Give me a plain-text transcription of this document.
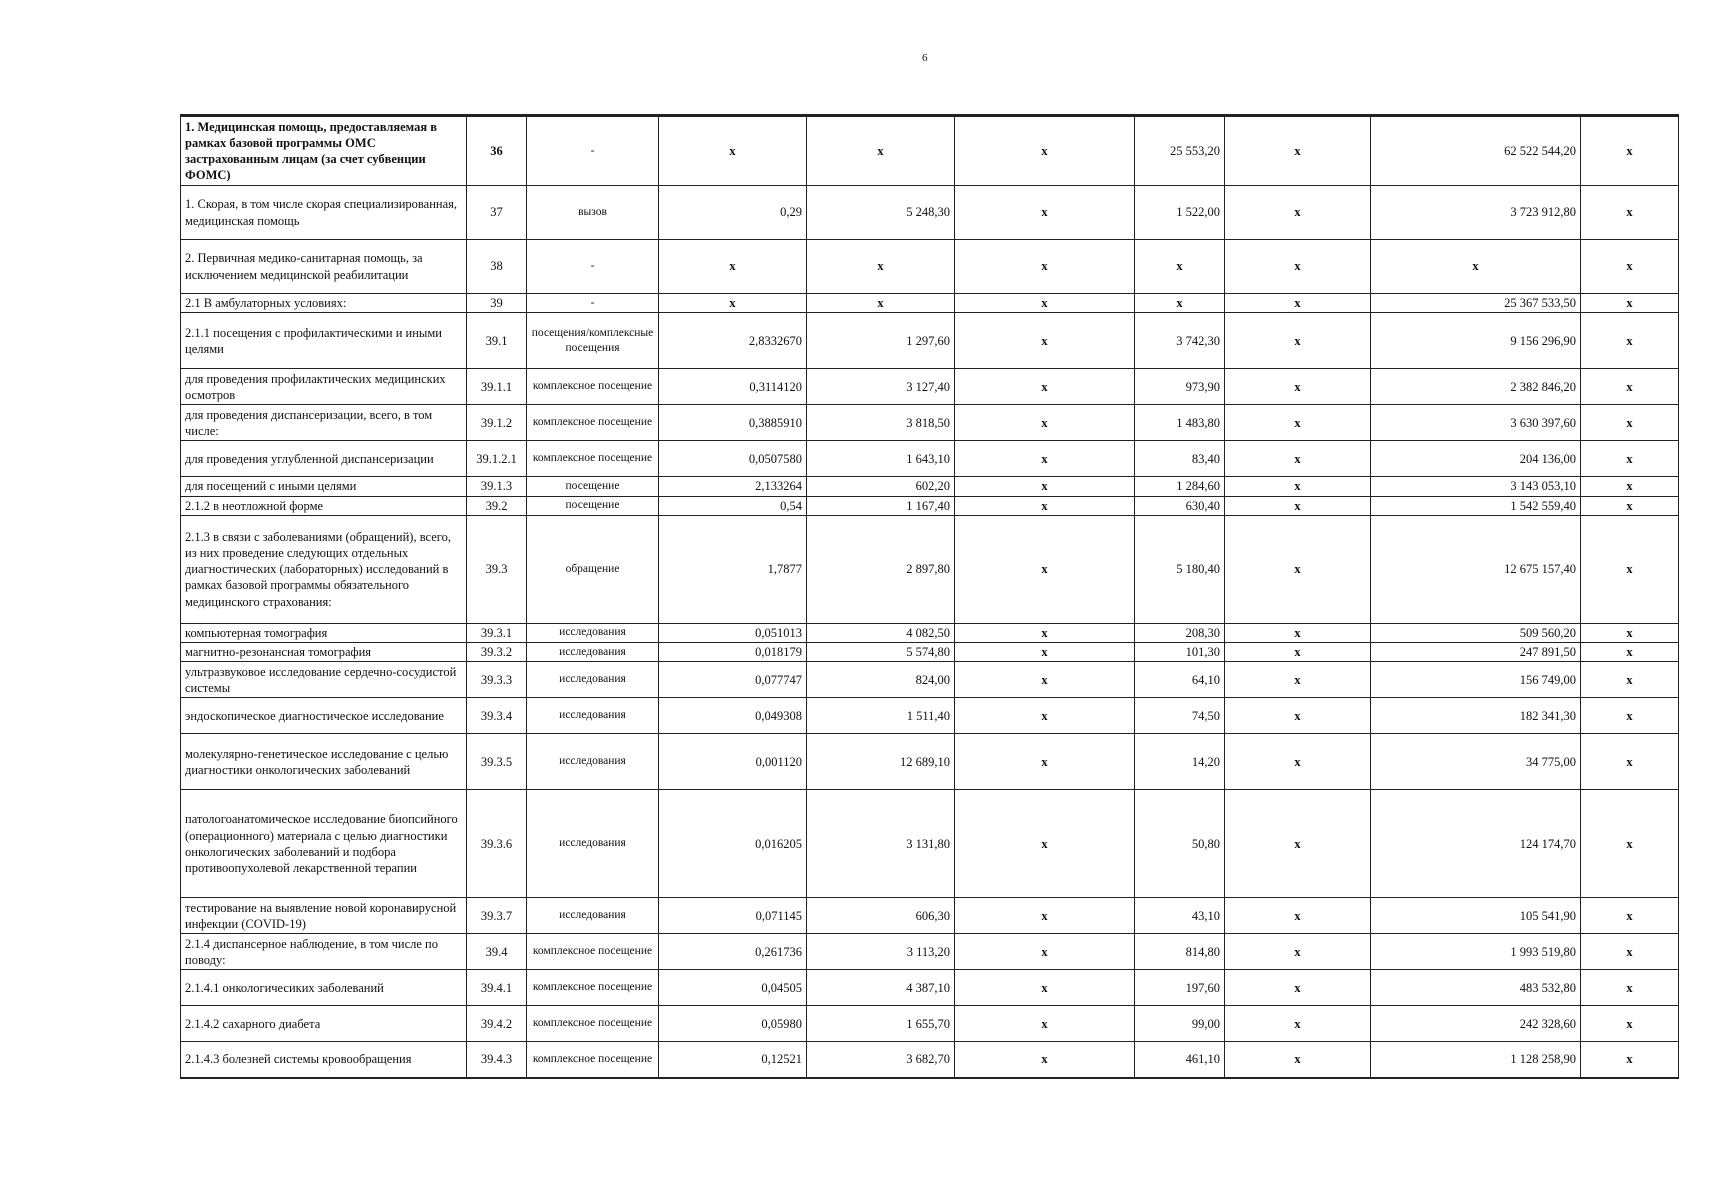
6
1. Медицинская помощь, предоставляемая в рамках базовой программы ОМС застрахованным лицам (за счет субвенции ФОМС)	36	-	x	x	x	25 553,20	x	62 522 544,20	x
1. Скорая, в том числе скорая специализированная, медицинская помощь	37	вызов	0,29	5 248,30	x	1 522,00	x	3 723 912,80	x
2. Первичная медико-санитарная помощь, за исключением медицинской реабилитации	38	-	x	x	x	x	x	x	x
2.1 В амбулаторных условиях:	39	-	x	x	x	x	x	25 367 533,50	x
2.1.1 посещения с профилактическими и иными целями	39.1	посещения/комплексные посещения	2,8332670	1 297,60	x	3 742,30	x	9 156 296,90	x
для проведения профилактических медицинских осмотров	39.1.1	комплексное посещение	0,3114120	3 127,40	x	973,90	x	2 382 846,20	x
для проведения диспансеризации, всего, в том числе:	39.1.2	комплексное посещение	0,3885910	3 818,50	x	1 483,80	x	3 630 397,60	x
для проведения углубленной диспансеризации	39.1.2.1	комплексное посещение	0,0507580	1 643,10	x	83,40	x	204 136,00	x
для посещений с иными целями	39.1.3	посещение	2,133264	602,20	x	1 284,60	x	3 143 053,10	x
2.1.2 в неотложной форме	39.2	посещение	0,54	1 167,40	x	630,40	x	1 542 559,40	x
2.1.3 в связи с заболеваниями (обращений), всего, из них проведение следующих отдельных диагностических (лабораторных) исследований в рамках базовой программы обязательного медицинского страхования:	39.3	обращение	1,7877	2 897,80	x	5 180,40	x	12 675 157,40	x
компьютерная томография	39.3.1	исследования	0,051013	4 082,50	x	208,30	x	509 560,20	x
магнитно-резонансная томография	39.3.2	исследования	0,018179	5 574,80	x	101,30	x	247 891,50	x
ультразвуковое исследование сердечно-сосудистой системы	39.3.3	исследования	0,077747	824,00	x	64,10	x	156 749,00	x
эндоскопическое диагностическое исследование	39.3.4	исследования	0,049308	1 511,40	x	74,50	x	182 341,30	x
молекулярно-генетическое исследование с целью диагностики онкологических заболеваний	39.3.5	исследования	0,001120	12 689,10	x	14,20	x	34 775,00	x
патологоанатомическое исследование биопсийного (операционного) материала с целью диагностики онкологических заболеваний и подбора противоопухолевой лекарственной терапии	39.3.6	исследования	0,016205	3 131,80	x	50,80	x	124 174,70	x
тестирование на выявление новой коронавирусной инфекции (COVID-19)	39.3.7	исследования	0,071145	606,30	x	43,10	x	105 541,90	x
2.1.4 диспансерное наблюдение, в том числе по поводу:	39.4	комплексное посещение	0,261736	3 113,20	x	814,80	x	1 993 519,80	x
2.1.4.1 онкологичесиких заболеваний	39.4.1	комплексное посещение	0,04505	4 387,10	x	197,60	x	483 532,80	x
2.1.4.2 сахарного диабета	39.4.2	комплексное посещение	0,05980	1 655,70	x	99,00	x	242 328,60	x
2.1.4.3 болезней системы кровообращения	39.4.3	комплексное посещение	0,12521	3 682,70	x	461,10	x	1 128 258,90	x
